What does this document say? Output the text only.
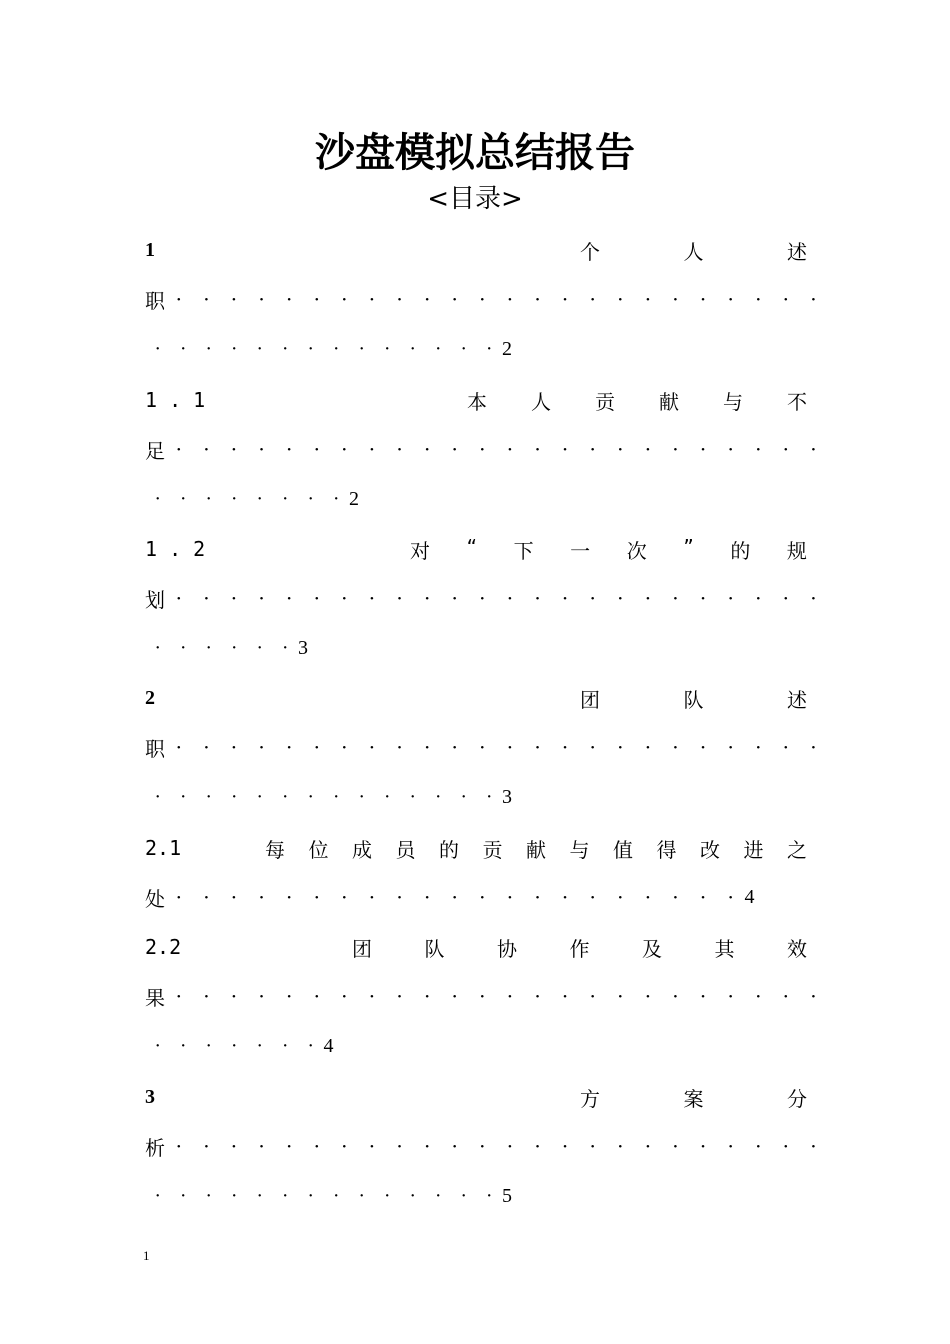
沙盘模拟总结报告
<目录>
1	个	人	述
职 · · · · · · · · · · · · · · · · · · · · · · · ·
· · · · · · · · · · · · · · 2
1 . 1	本 人 贡 献 与 不
足 · · · · · · · · · · · · · · · · · · · · · · · ·
· · · · · · · · 2
1 . 2	对 “ 下 一 次 ” 的 规
划 · · · · · · · · · · · · · · · · · · · · · · · ·
· · · · · · 3
2	团	队	述
职 · · · · · · · · · · · · · · · · · · · · · · · ·
· · · · · · · · · · · · · · 3
2.1	每 位 成 员 的 贡 献 与 值 得 改 进 之
处 · · · · · · · · · · · · · · · · · · · · · 4
2.2	团	队	协	作	及	其	效
果 · · · · · · · · · · · · · · · · · · · · · · · ·
· · · · · · · 4
3	方	案	分
析 · · · · · · · · · · · · · · · · · · · · · · · ·
· · · · · · · · · · · · · · 5
1
